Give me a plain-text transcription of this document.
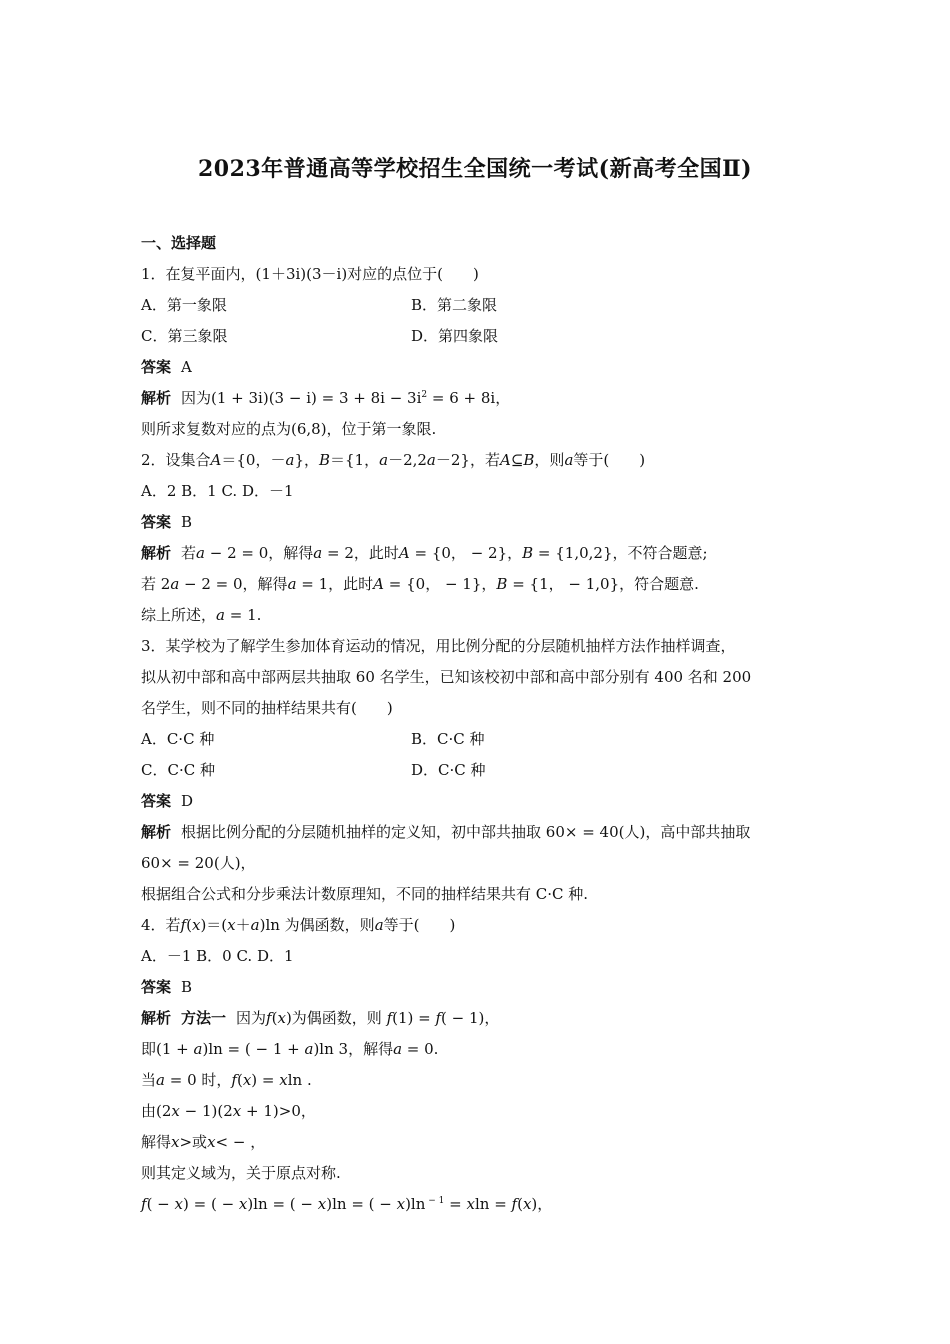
2023年普通高等学校招生全国统一考试(新高考全国Ⅱ)
一、选择题
1．在复平面内，(1＋3i)(3－i)对应的点位于(　　)
A．第一象限	B．第二象限
C．第三象限	D．第四象限
答案 A
解析 因为$(1 + 3i)(3 - i) = 3 + 8i - 3i^2 = 6 + 8i$，
则所求复数对应的点为(6,8)，位于第一象限.
2．设集合A＝{0，－a}，B＝{1，a－2,2a－2}，若A⊆B，则a等于(　　)
A．2 B．1 C. D．－1
答案 B
解析 若a − 2 = 0，解得a = 2，此时A = {0， − 2}，B = {1,0,2}，不符合题意;
若 2a − 2 = 0，解得a = 1，此时A = {0， − 1}，B = {1， − 1,0}，符合题意.
综上所述，a = 1.
3．某学校为了解学生参加体育运动的情况，用比例分配的分层随机抽样方法作抽样调查，
拟从初中部和高中部两层共抽取 60 名学生，已知该校初中部和高中部分别有 400 名和 200
名学生，则不同的抽样结果共有(　　)
A．C·C 种	B．C·C 种
C．C·C 种	D．C·C 种
答案 D
解析 根据比例分配的分层随机抽样的定义知，初中部共抽取 60× = 40(人)，高中部共抽取
60× = 20(人)，
根据组合公式和分步乘法计数原理知，不同的抽样结果共有 C·C 种.
4．若f(x)＝(x＋a)ln 为偶函数，则a等于(　　)
A．－1 B．0 C. D．1
答案 B
解析 方法一 因为f(x)为偶函数，则 f(1) = f( − 1)，
即(1 + a)ln = ( − 1 + a)ln 3，解得a = 0.
当a = 0 时，f(x) = xln .
由(2x − 1)(2x + 1)>0，
解得x>或x< − ，
则其定义域为，关于原点对称.
f( − x) = ( − x)ln = ( − x)ln = ( − x)ln $^{- 1}$ = xln = f(x)，
